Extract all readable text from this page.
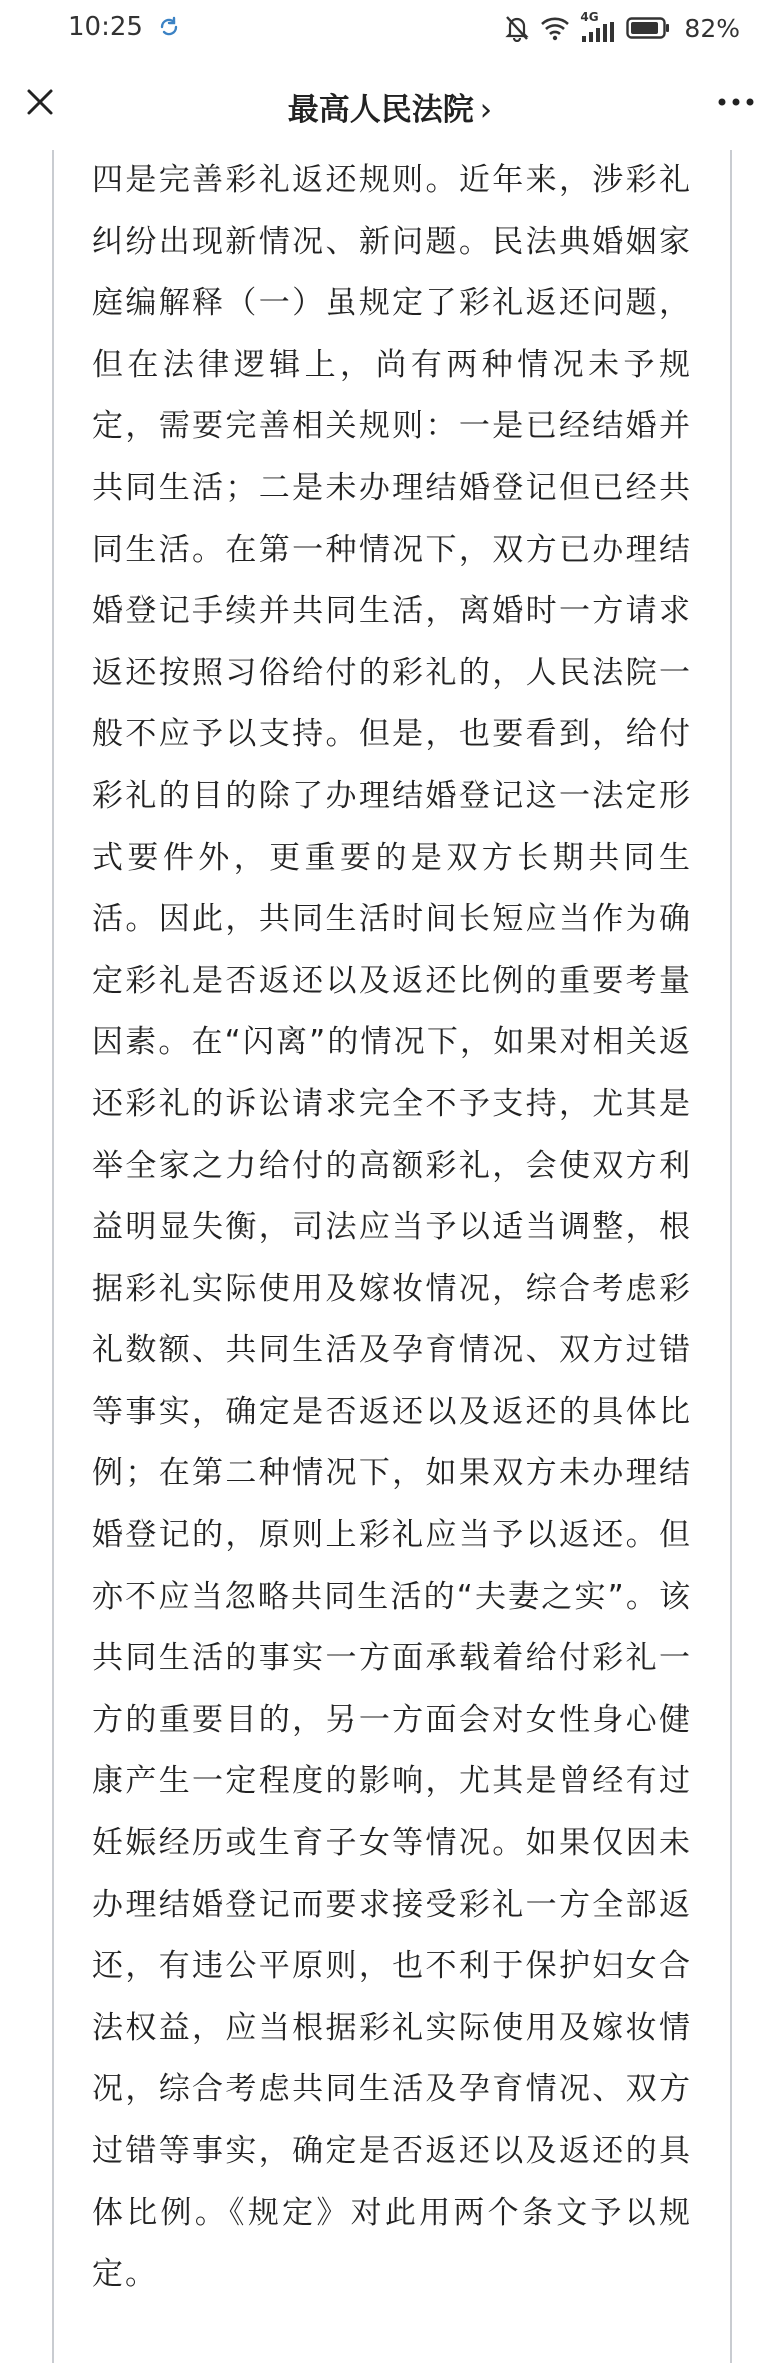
10:25	4G	82%
最高人民法院 ›

四是完善彩礼返还规则。近年来，涉彩礼纠纷出现新情况、新问题。民法典婚姻家庭编解释（一）虽规定了彩礼返还问题，但在法律逻辑上，尚有两种情况未予规定，需要完善相关规则：一是已经结婚并共同生活；二是未办理结婚登记但已经共同生活。在第一种情况下，双方已办理结婚登记手续并共同生活，离婚时一方请求返还按照习俗给付的彩礼的，人民法院一般不应予以支持。但是，也要看到，给付彩礼的目的除了办理结婚登记这一法定形式要件外，更重要的是双方长期共同生活。因此，共同生活时间长短应当作为确定彩礼是否返还以及返还比例的重要考量因素。在“闪离”的情况下，如果对相关返还彩礼的诉讼请求完全不予支持，尤其是举全家之力给付的高额彩礼，会使双方利益明显失衡，司法应当予以适当调整，根据彩礼实际使用及嫁妆情况，综合考虑彩礼数额、共同生活及孕育情况、双方过错等事实，确定是否返还以及返还的具体比例；在第二种情况下，如果双方未办理结婚登记的，原则上彩礼应当予以返还。但亦不应当忽略共同生活的“夫妻之实”。该共同生活的事实一方面承载着给付彩礼一方的重要目的，另一方面会对女性身心健康产生一定程度的影响，尤其是曾经有过妊娠经历或生育子女等情况。如果仅因未办理结婚登记而要求接受彩礼一方全部返还，有违公平原则，也不利于保护妇女合法权益，应当根据彩礼实际使用及嫁妆情况，综合考虑共同生活及孕育情况、双方过错等事实，确定是否返还以及返还的具体比例。《规定》对此用两个条文予以规定。
